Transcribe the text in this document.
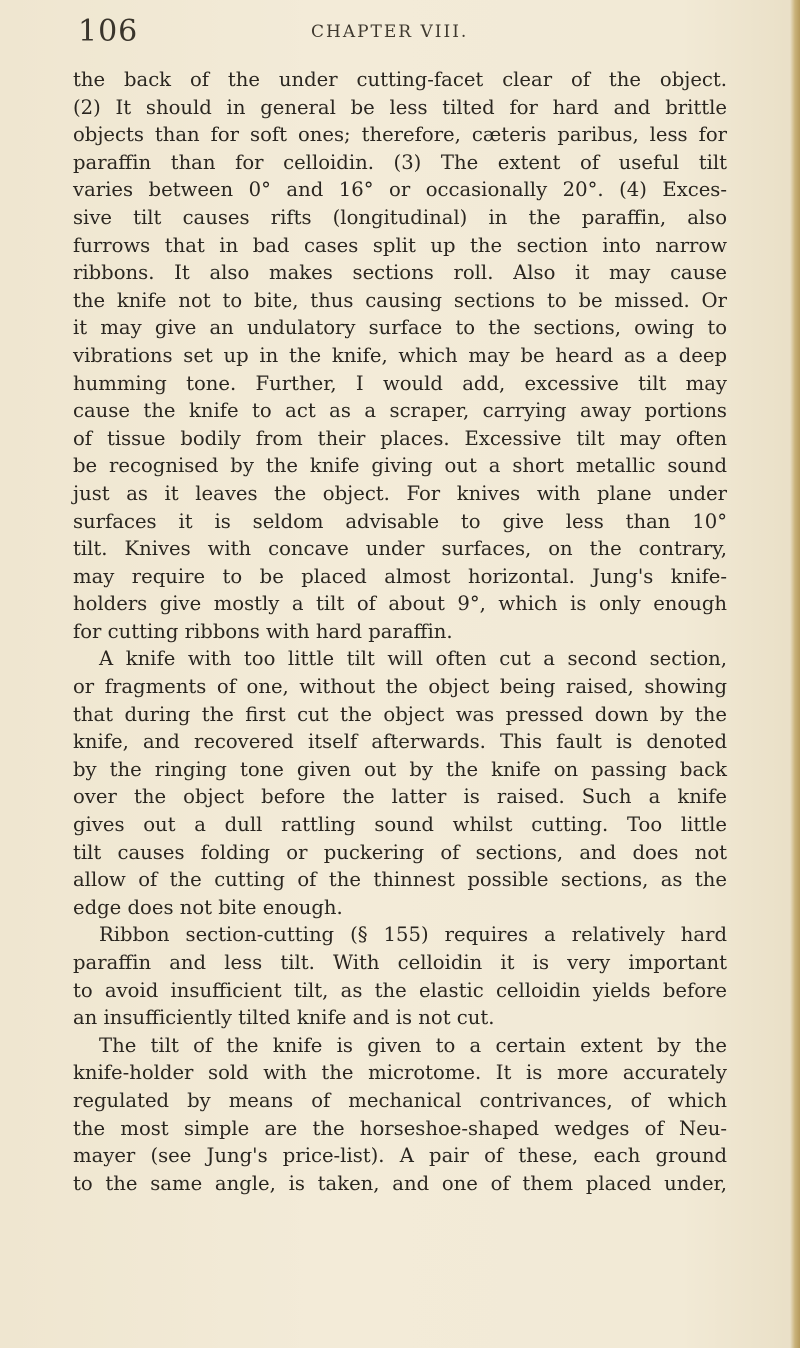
106	CHAPTER VIII.
the back of the under cutting-facet clear of the object.
(2) It should in general be less tilted for hard and brittle
objects than for soft ones; therefore, cæteris paribus, less for
paraffin than for celloidin. (3) The extent of useful tilt
varies between 0° and 16° or occasionally 20°. (4) Exces-
sive tilt causes rifts (longitudinal) in the paraffin, also
furrows that in bad cases split up the section into narrow
ribbons. It also makes sections roll. Also it may cause
the knife not to bite, thus causing sections to be missed. Or
it may give an undulatory surface to the sections, owing to
vibrations set up in the knife, which may be heard as a deep
humming tone. Further, I would add, excessive tilt may
cause the knife to act as a scraper, carrying away portions
of tissue bodily from their places. Excessive tilt may often
be recognised by the knife giving out a short metallic sound
just as it leaves the object. For knives with plane under
surfaces it is seldom advisable to give less than 10°
tilt. Knives with concave under surfaces, on the contrary,
may require to be placed almost horizontal. Jung's knife-
holders give mostly a tilt of about 9°, which is only enough
for cutting ribbons with hard paraffin.
A knife with too little tilt will often cut a second section,
or fragments of one, without the object being raised, showing
that during the first cut the object was pressed down by the
knife, and recovered itself afterwards. This fault is denoted
by the ringing tone given out by the knife on passing back
over the object before the latter is raised. Such a knife
gives out a dull rattling sound whilst cutting. Too little
tilt causes folding or puckering of sections, and does not
allow of the cutting of the thinnest possible sections, as the
edge does not bite enough.
Ribbon section-cutting (§ 155) requires a relatively hard
paraffin and less tilt. With celloidin it is very important
to avoid insufficient tilt, as the elastic celloidin yields before
an insufficiently tilted knife and is not cut.
The tilt of the knife is given to a certain extent by the
knife-holder sold with the microtome. It is more accurately
regulated by means of mechanical contrivances, of which
the most simple are the horseshoe-shaped wedges of Neu-
mayer (see Jung's price-list). A pair of these, each ground
to the same angle, is taken, and one of them placed under,
